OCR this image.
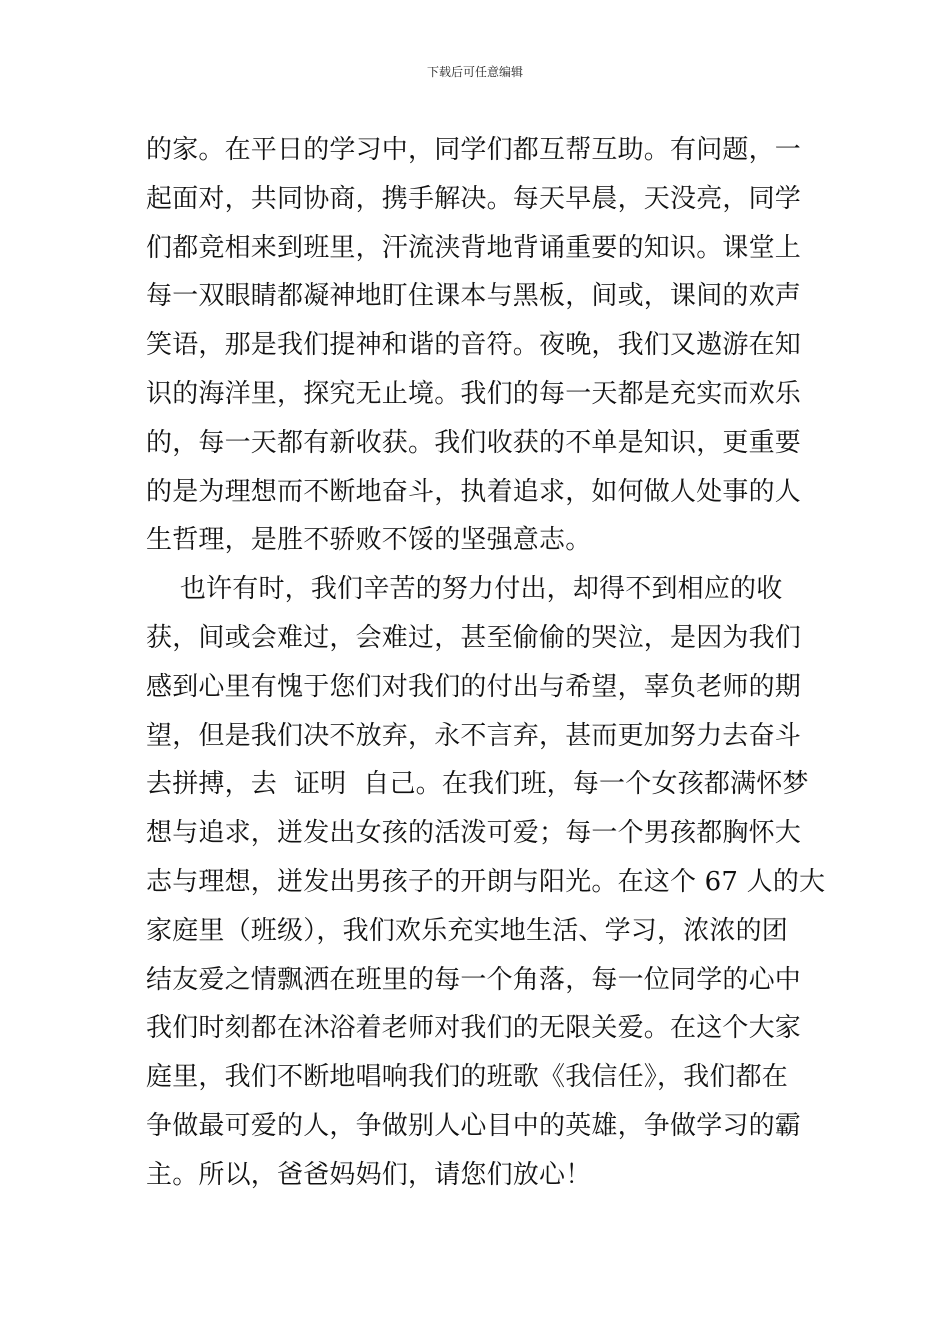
下载后可任意编辑
的家。在平日的学习中，同学们都互帮互助。有问题，一
起面对，共同协商，携手解决。每天早晨，天没亮，同学
们都竞相来到班里，汗流浃背地背诵重要的知识。课堂上
每一双眼睛都凝神地盯住课本与黑板，间或，课间的欢声
笑语，那是我们提神和谐的音符。夜晚，我们又遨游在知
识的海洋里，探究无止境。我们的每一天都是充实而欢乐
的，每一天都有新收获。我们收获的不单是知识，更重要
的是为理想而不断地奋斗，执着追求，如何做人处事的人
生哲理，是胜不骄败不馁的坚强意志。
也许有时，我们辛苦的努力付出，却得不到相应的收
获，间或会难过，会难过，甚至偷偷的哭泣，是因为我们
感到心里有愧于您们对我们的付出与希望，辜负老师的期
望，但是我们决不放弃，永不言弃，甚而更加努力去奋斗
去拼搏，去  证明  自己。在我们班，每一个女孩都满怀梦
想与追求，迸发出女孩的活泼可爱；每一个男孩都胸怀大
志与理想，迸发出男孩子的开朗与阳光。在这个 67 人的大
家庭里（班级），我们欢乐充实地生活、学习，浓浓的团
结友爱之情飘洒在班里的每一个角落，每一位同学的心中
我们时刻都在沐浴着老师对我们的无限关爱。在这个大家
庭里，我们不断地唱响我们的班歌《我信任》，我们都在
争做最可爱的人，争做别人心目中的英雄，争做学习的霸
主。所以，爸爸妈妈们，请您们放心！
